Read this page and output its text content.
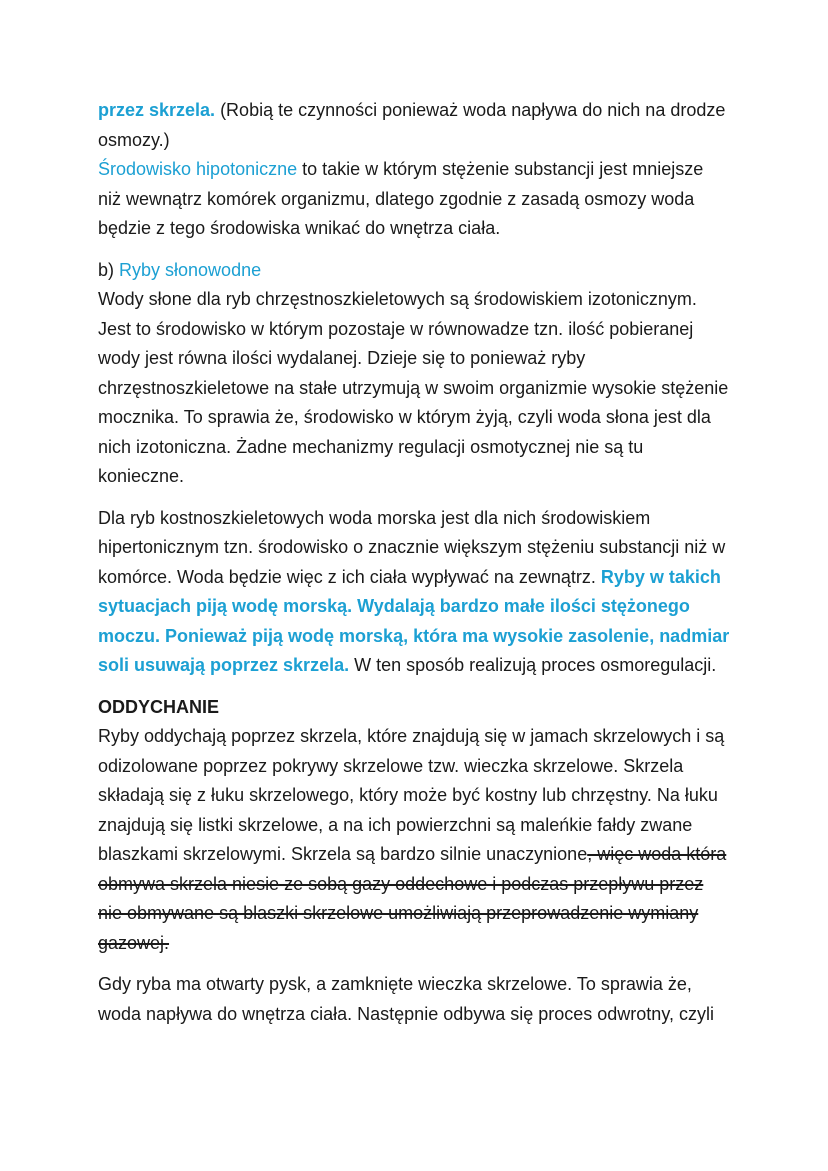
przez skrzela. (Robią te czynności ponieważ woda napływa do nich na drodze
osmozy.)

Środowisko hipotoniczne to takie w którym stężenie substancji jest mniejsze
niż wewnątrz komórek organizmu, dlatego zgodnie z zasadą osmozy woda
będzie z tego środowiska wnikać do wnętrza ciała.

b) Ryby słonowodne

Wody słone dla ryb chrzęstnoszkieletowych są środowiskiem izotonicznym.
Jest to środowisko w którym pozostaje w równowadze tzn. ilość pobieranej
wody jest równa ilości wydalanej. Dzieje się to ponieważ ryby
chrzęstnoszkieletowe na stałe utrzymują w swoim organizmie wysokie stężenie
mocznika. To sprawia że, środowisko w którym żyją, czyli woda słona jest dla
nich izotoniczna. Żadne mechanizmy regulacji osmotycznej nie są tu
konieczne.

Dla ryb kostnoszkieletowych woda morska jest dla nich środowiskiem
hipertonicznym tzn. środowisko o znacznie większym stężeniu substancji niż w
komórce. Woda będzie więc z ich ciała wypływać na zewnątrz. Ryby w takich
sytuacjach piją wodę morską. Wydalają bardzo małe ilości stężonego
moczu. Ponieważ piją wodę morską, która ma wysokie zasolenie, nadmiar
soli usuwają poprzez skrzela. W ten sposób realizują proces osmoregulacji.

ODDYCHANIE

Ryby oddychają poprzez skrzela, które znajdują się w jamach skrzelowych i są
odizolowane poprzez pokrywy skrzelowe tzw. wieczka skrzelowe. Skrzela
składają się z łuku skrzelowego, który może być kostny lub chrzęstny. Na łuku
znajdują się listki skrzelowe, a na ich powierzchni są maleńkie fałdy zwane
blaszkami skrzelowymi. Skrzela są bardzo silnie unaczynione, więc woda która
obmywa skrzela niesie ze sobą gazy oddechowe i podczas przepływu przez
nie obmywane są blaszki skrzelowe umożliwiają przeprowadzenie wymiany
gazowej.

Gdy ryba ma otwarty pysk, a zamknięte wieczka skrzelowe. To sprawia że,
woda napływa do wnętrza ciała. Następnie odbywa się proces odwrotny, czyli
